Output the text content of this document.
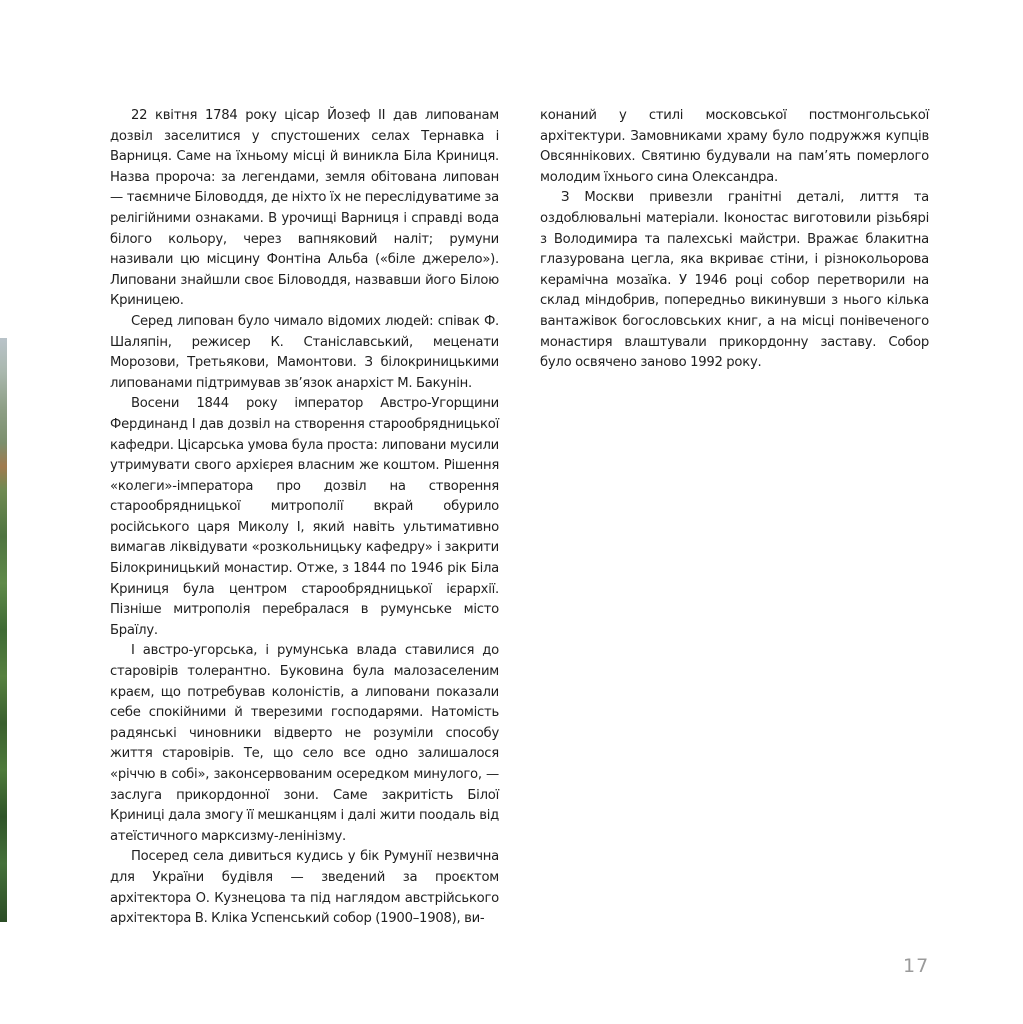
22 квітня 1784 року цісар Йозеф II дав липованам дозвіл заселитися у спустошених селах Тернавка і Варниця. Саме на їхньому місці й виникла Біла Криниця. Назва пророча: за легендами, земля обітована липован — таємниче Біловоддя, де ніхто їх не переслідуватиме за релігійними ознаками. В урочищі Варниця і справді вода білого кольору, через вапняковий наліт; румуни називали цю місцину Фонтіна Альба («біле джерело»). Липовани знайшли своє Біловоддя, назвавши його Білою Криницею.

Серед липован було чимало відомих людей: співак Ф. Шаляпін, режисер К. Станіславський, меценати Морозови, Третьякови, Мамонтови. З білокриницькими липованами підтримував зв’язок анархіст М. Бакунін.

Восени 1844 року імператор Австро-Угорщини Фердинанд I дав дозвіл на створення старообрядницької кафедри. Цісарська умова була проста: липовани мусили утримувати свого архієрея власним же коштом. Рішення «колеги»-імператора про дозвіл на створення старообрядницької митрополії вкрай обурило російського царя Миколу I, який навіть ультимативно вимагав ліквідувати «розкольницьку кафедру» і закрити Білокриницький монастир. Отже, з 1844 по 1946 рік Біла Криниця була центром старообрядницької ієрархії. Пізніше митрополія перебралася в румунське місто Браїлу.

І австро-угорська, і румунська влада ставилися до старовірів толерантно. Буковина була малозаселеним краєм, що потребував колоністів, а липовани показали себе спокійними й тверезими господарями. Натомість радянські чиновники відверто не розуміли способу життя старовірів. Те, що село все одно залишалося «річчю в собі», законсервованим осередком минулого, — заслуга прикордонної зони. Саме закритість Білої Криниці дала змогу її мешканцям і далі жити поодаль від атеїстичного марксизму-ленінізму.

Посеред села дивиться кудись у бік Румунії незвична для України будівля — зведений за проєктом архітектора О. Кузнецова та під наглядом австрійського архітектора В. Кліка Успенський собор (1900–1908), ви-

конаний у стилі московської постмонгольської архітектури. Замовниками храму було подружжя купців Овсяннікових. Святиню будували на пам’ять померлого молодим їхнього сина Олександра.

З Москви привезли гранітні деталі, лиття та оздоблювальні матеріали. Іконостас виготовили різьбярі з Володимира та палехські майстри. Вражає блакитна глазурована цегла, яка вкриває стіни, і різнокольорова керамічна мозаїка. У 1946 році собор перетворили на склад міндобрив, попередньо викинувши з нього кілька вантажівок богословських книг, а на місці понівеченого монастиря влаштували прикордонну заставу. Собор було освячено заново 1992 року.

17
